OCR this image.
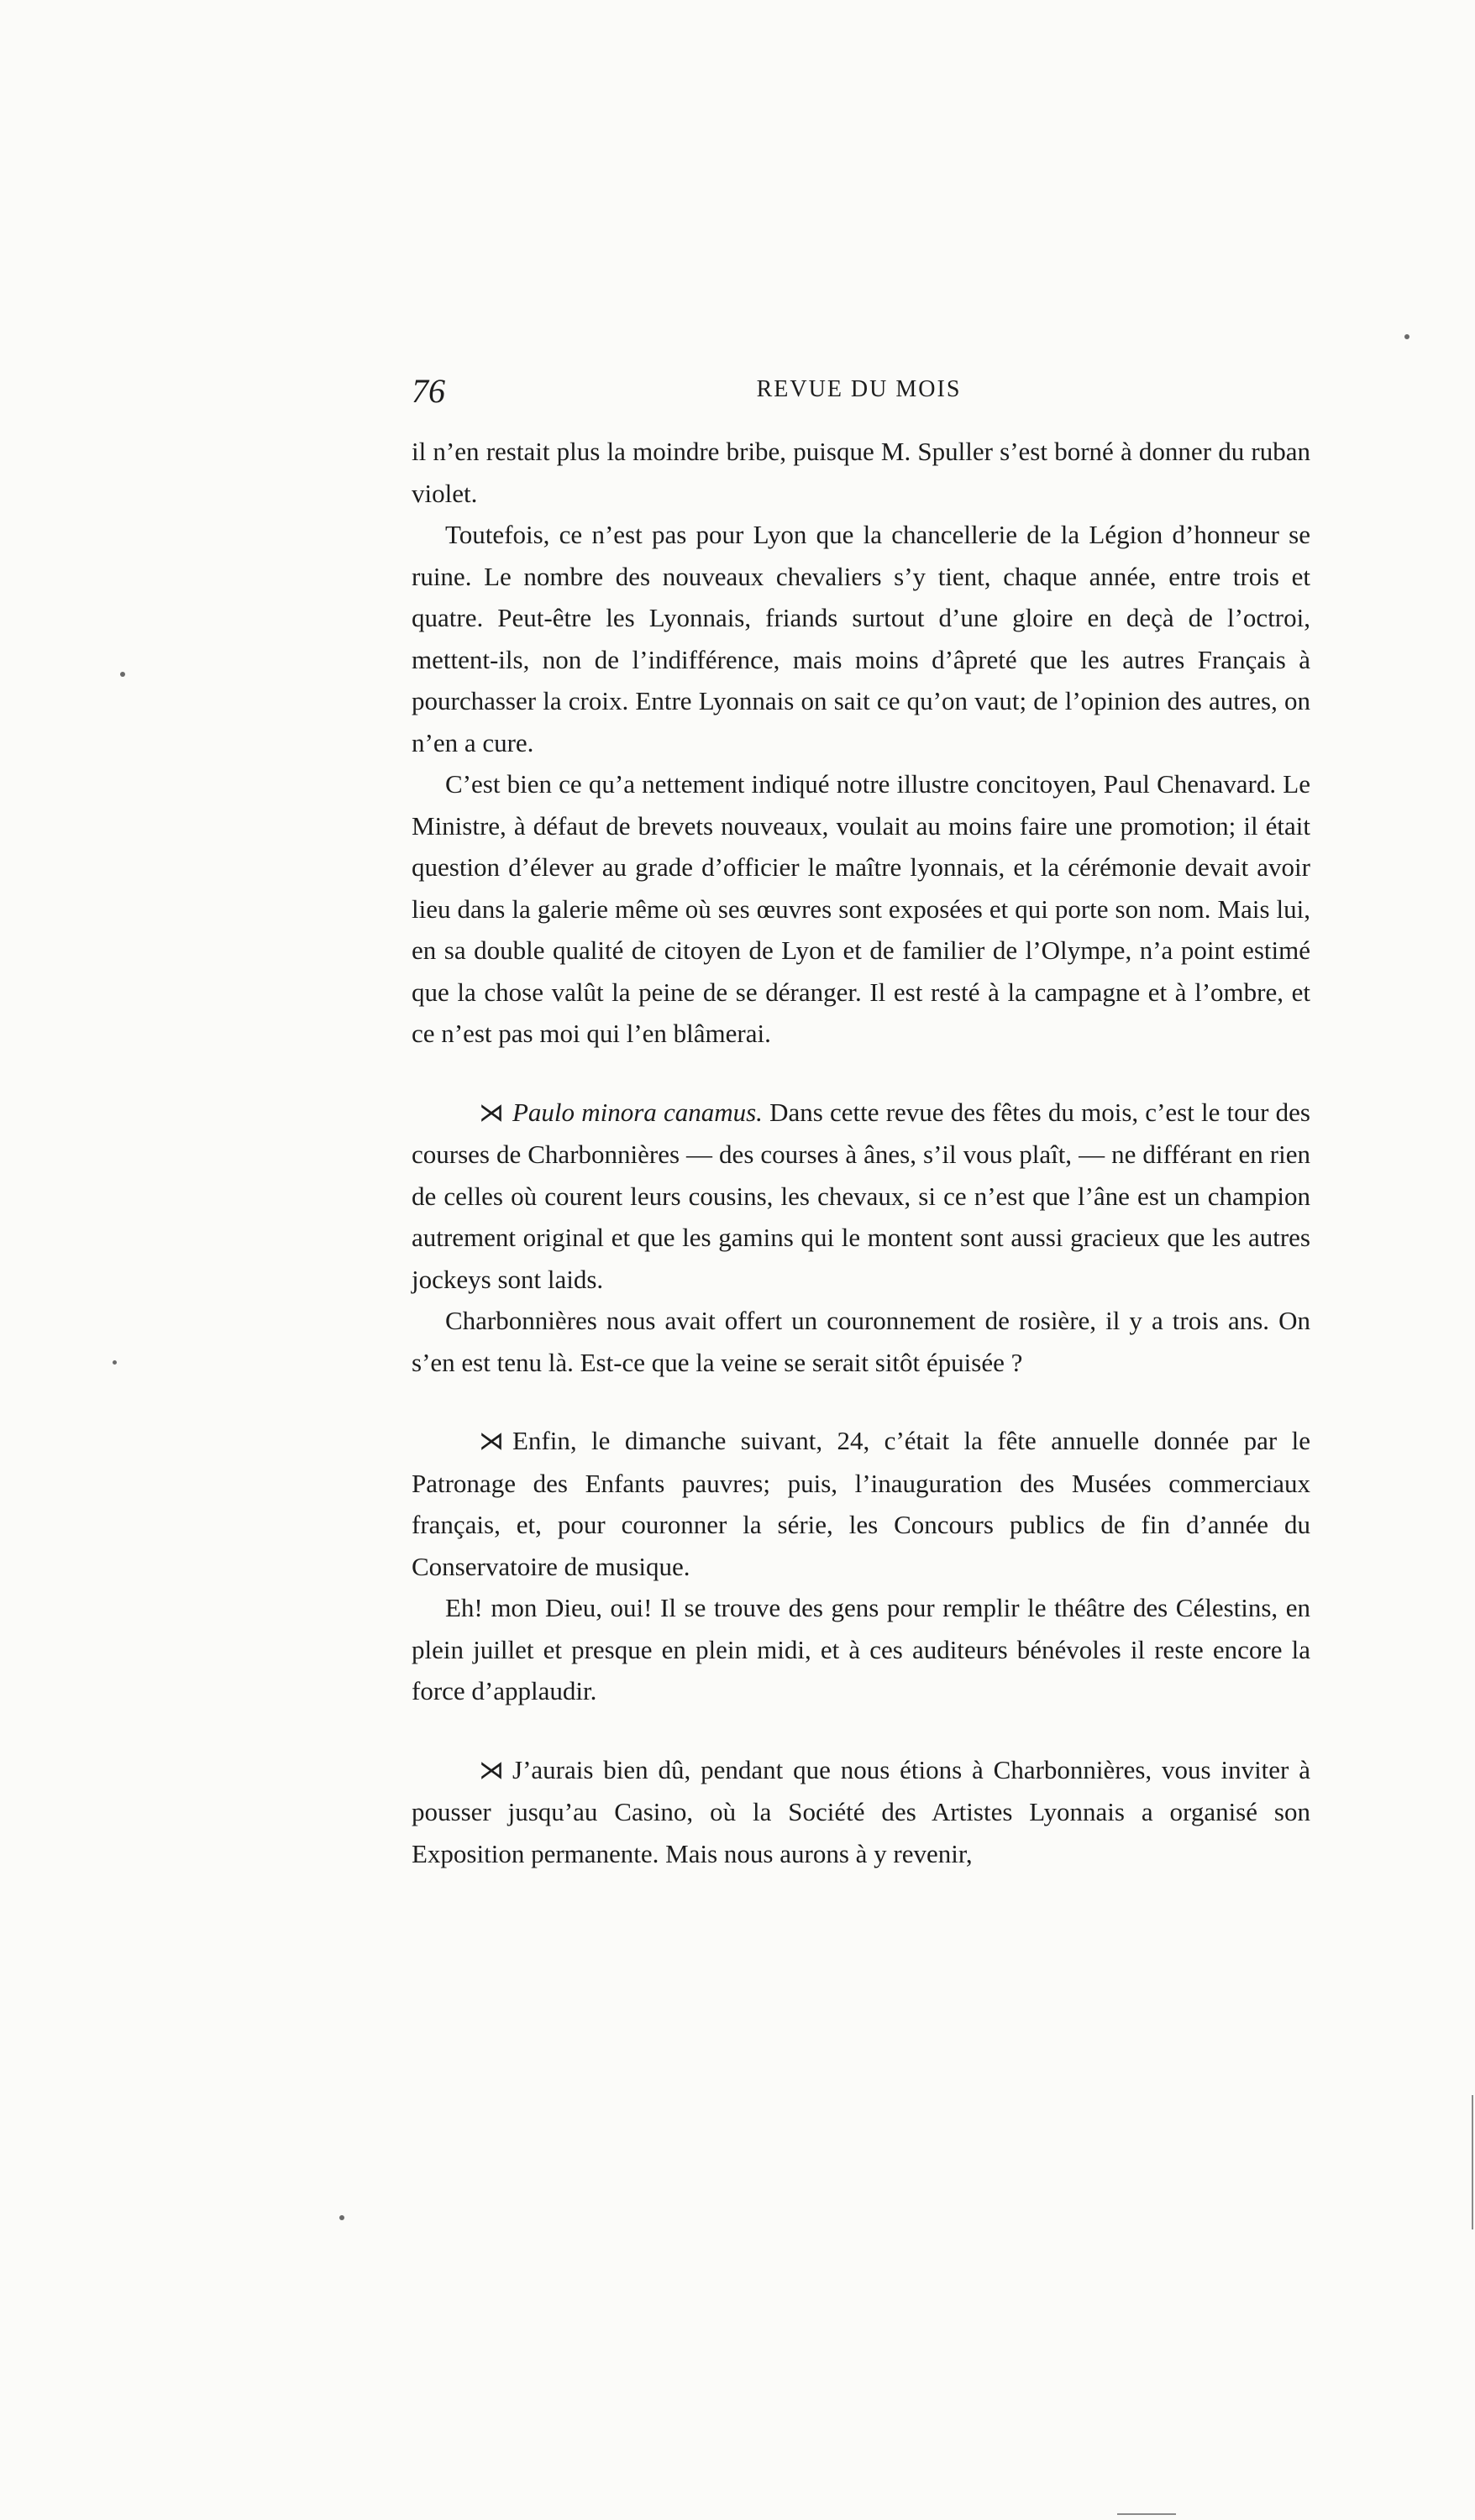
76	REVUE DU MOIS

il n’en restait plus la moindre bribe, puisque M. Spuller s’est borné à donner du ruban violet.

Toutefois, ce n’est pas pour Lyon que la chancellerie de la Légion d’honneur se ruine. Le nombre des nouveaux chevaliers s’y tient, chaque année, entre trois et quatre. Peut-être les Lyonnais, friands surtout d’une gloire en deçà de l’octroi, mettent-ils, non de l’indifférence, mais moins d’âpreté que les autres Français à pourchasser la croix. Entre Lyonnais on sait ce qu’on vaut; de l’opinion des autres, on n’en a cure.

C’est bien ce qu’a nettement indiqué notre illustre concitoyen, Paul Chenavard. Le Ministre, à défaut de brevets nouveaux, voulait au moins faire une promotion; il était question d’élever au grade d’officier le maître lyonnais, et la cérémonie devait avoir lieu dans la galerie même où ses œuvres sont exposées et qui porte son nom. Mais lui, en sa double qualité de citoyen de Lyon et de familier de l’Olympe, n’a point estimé que la chose valût la peine de se déranger. Il est resté à la campagne et à l’ombre, et ce n’est pas moi qui l’en blâmerai.

⋊ Paulo minora canamus. Dans cette revue des fêtes du mois, c’est le tour des courses de Charbonnières — des courses à ânes, s’il vous plaît, — ne différant en rien de celles où courent leurs cousins, les chevaux, si ce n’est que l’âne est un champion autrement original et que les gamins qui le montent sont aussi gracieux que les autres jockeys sont laids.

Charbonnières nous avait offert un couronnement de rosière, il y a trois ans. On s’en est tenu là. Est-ce que la veine se serait sitôt épuisée ?

⋊ Enfin, le dimanche suivant, 24, c’était la fête annuelle donnée par le Patronage des Enfants pauvres; puis, l’inauguration des Musées commerciaux français, et, pour couronner la série, les Concours publics de fin d’année du Conservatoire de musique.

Eh! mon Dieu, oui! Il se trouve des gens pour remplir le théâtre des Célestins, en plein juillet et presque en plein midi, et à ces auditeurs bénévoles il reste encore la force d’applaudir.

⋊ J’aurais bien dû, pendant que nous étions à Charbonnières, vous inviter à pousser jusqu’au Casino, où la Société des Artistes Lyonnais a organisé son Exposition permanente. Mais nous aurons à y revenir,
